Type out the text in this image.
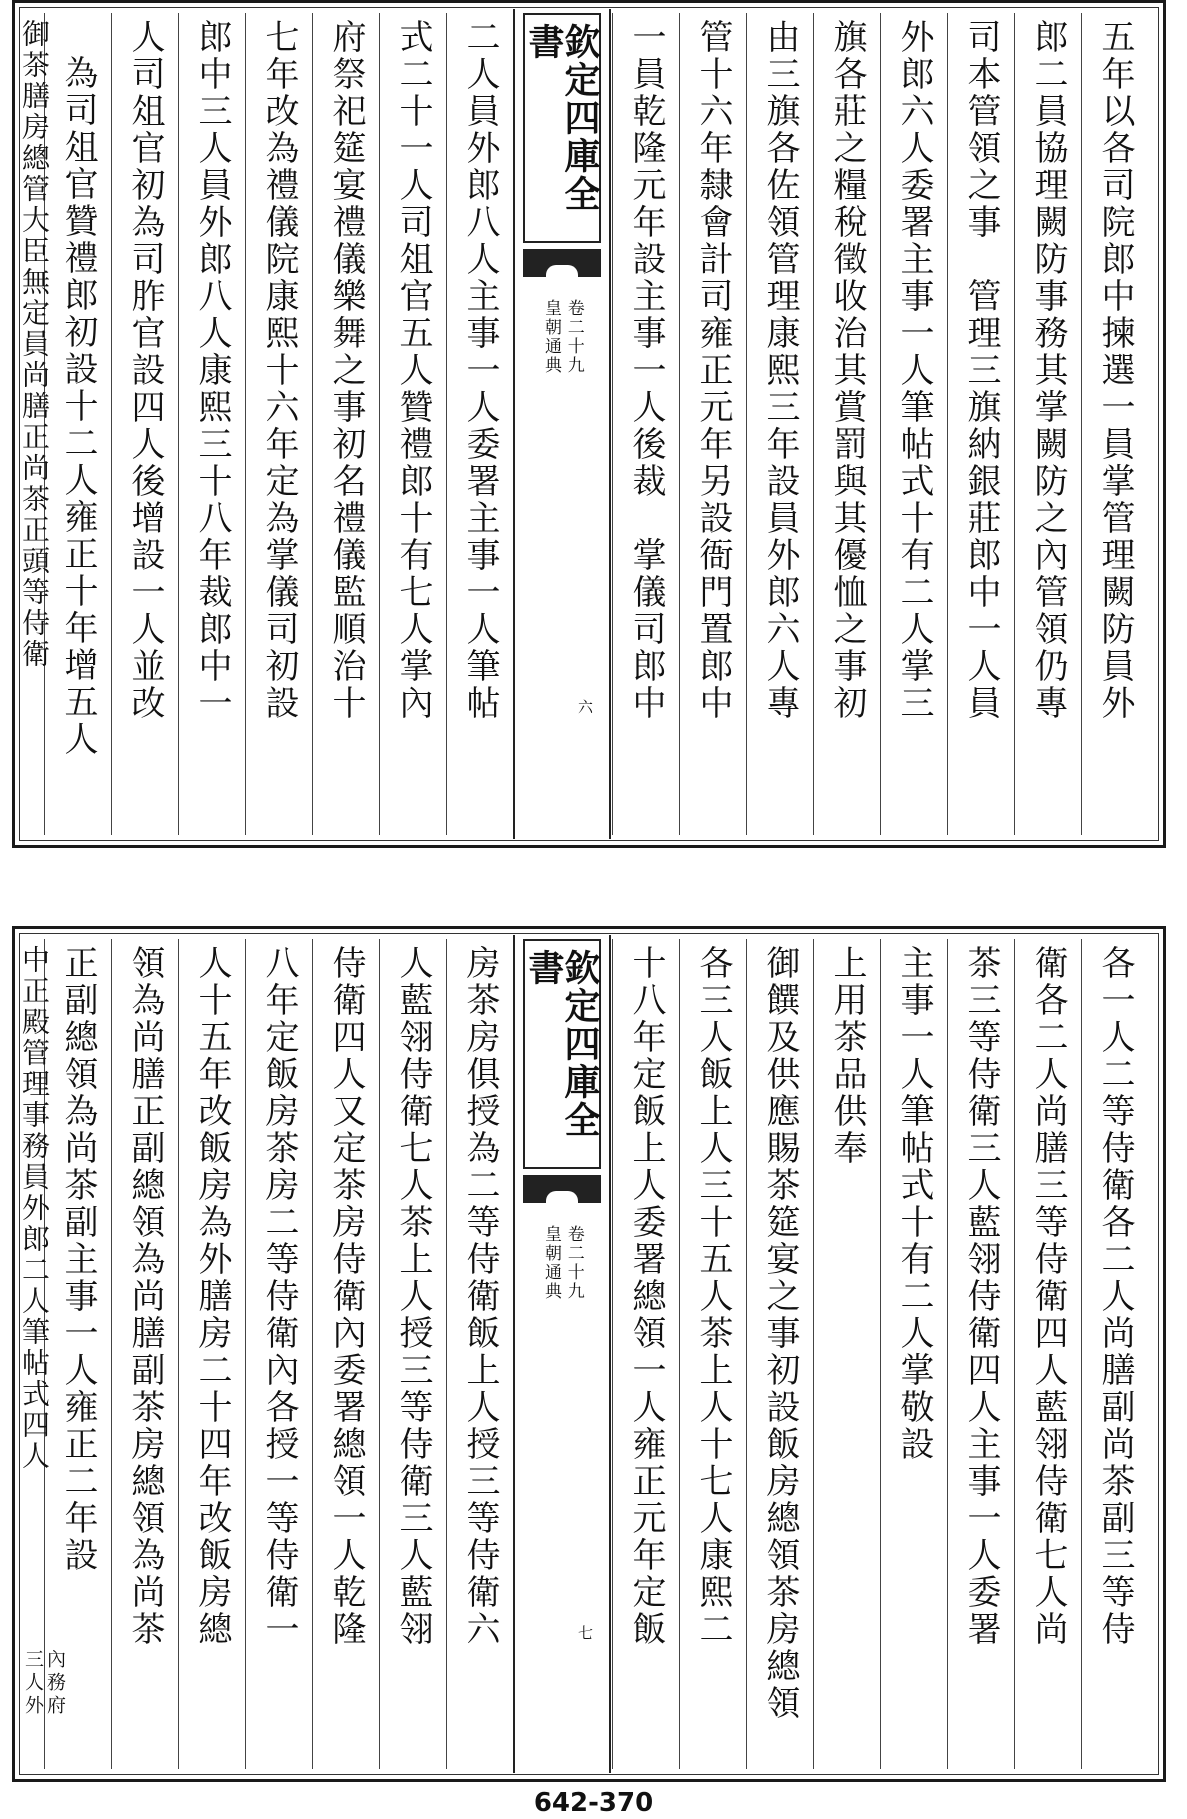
五年以各司院郎中揀選一員掌管理闕防員外
郎二員協理闕防事務其掌闕防之內管領仍專
司本管領之事　管理三旗納銀莊郎中一人員
外郎六人委署主事一人筆帖式十有二人掌三
旗各莊之糧稅徵收治其賞罰與其優恤之事初
由三旗各佐領管理康熙三年設員外郎六人專
管十六年隸會計司雍正元年另設衙門置郎中
一員乾隆元年設主事一人後裁　掌儀司郎中
欽定四庫全書
皇朝通典 卷二十九
六
二人員外郎八人主事一人委署主事一人筆帖
式二十一人司俎官五人贊禮郎十有七人掌內
府祭祀筵宴禮儀樂舞之事初名禮儀監順治十
七年改為禮儀院康熙十六年定為掌儀司初設
郎中三人員外郎八人康熙三十八年裁郎中一
人司俎官初為司胙官設四人後增設一人並改
為司俎官贊禮郎初設十二人雍正十年增五人
御茶膳房總管大臣無定員尚膳正尚茶正頭等侍衛
各一人二等侍衛各二人尚膳副尚茶副三等侍
衛各二人尚膳三等侍衛四人藍翎侍衛七人尚
茶三等侍衛三人藍翎侍衛四人主事一人委署
主事一人筆帖式十有二人掌敬設
上用茶品供奉
御饌及供應賜茶筵宴之事初設飯房總領茶房總領
各三人飯上人三十五人茶上人十七人康熙二
十八年定飯上人委署總領一人雍正元年定飯
欽定四庫全書
皇朝通典 卷二十九
七
房茶房俱授為二等侍衛飯上人授三等侍衛六
人藍翎侍衛七人茶上人授三等侍衛三人藍翎
侍衛四人又定茶房侍衛內委署總領一人乾隆
八年定飯房茶房二等侍衛內各授一等侍衛一
人十五年改飯房為外膳房二十四年改飯房總
領為尚膳正副總領為尚膳副茶房總領為尚茶
正副總領為尚茶副主事一人雍正二年設
中正殿管理事務員外郎二人筆帖式四人
內務府
三人外
642-370
